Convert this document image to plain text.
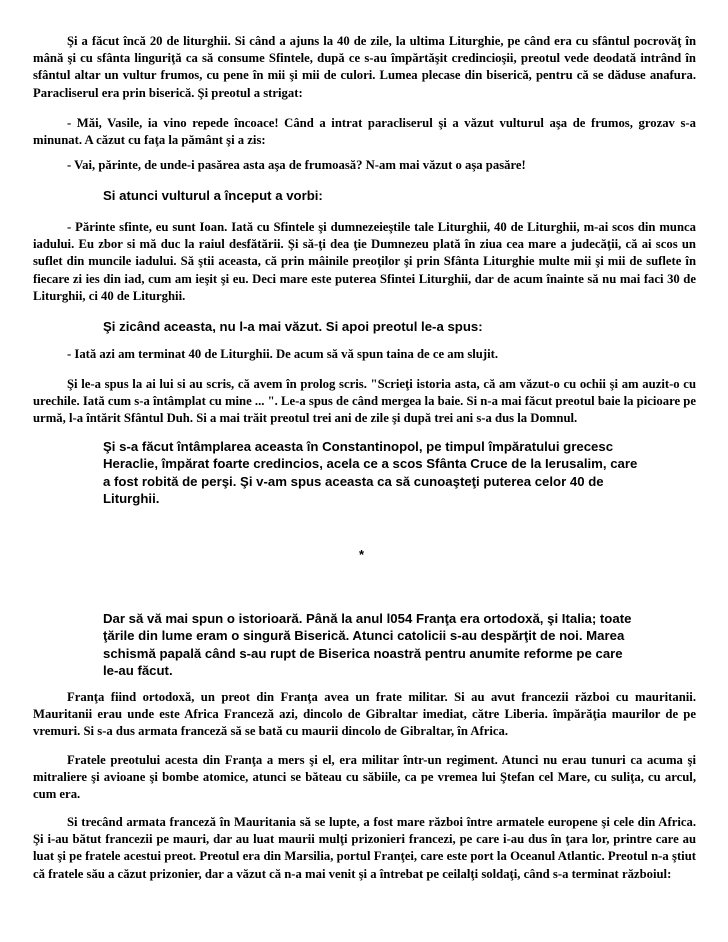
Şi a făcut încă 20 de liturghii. Si când a ajuns la 40 de zile, la ultima Liturghie, pe când era cu sfântul pocrovăţ în mână şi cu sfânta linguriţă ca să consume Sfintele, după ce s-au împărtăşit credincioşii, preotul vede deodată intrând în sfântul altar un vultur frumos, cu pene în mii şi mii de culori. Lumea plecase din biserică, pentru că se dăduse anafura. Paracliserul era prin biserică. Şi preotul a strigat:

- Măi, Vasile, ia vino repede încoace! Când a intrat paracliserul şi a văzut vulturul aşa de frumos, grozav s-a minunat. A căzut cu faţa la pământ şi a zis:

- Vai, părinte, de unde-i pasărea asta aşa de frumoasă? N-am mai văzut o aşa pasăre!

Si atunci vulturul a început a vorbi:

- Părinte sfinte, eu sunt Ioan. Iată cu Sfintele şi dumnezeieştile tale Liturghii, 40 de Liturghii, m-ai scos din munca iadului. Eu zbor si mă duc la raiul desfătării. Şi să-ţi dea ţie Dumnezeu plată în ziua cea mare a judecăţii, că ai scos un suflet din muncile iadului. Să ştii aceasta, că prin mâinile preoţilor şi prin Sfânta Liturghie multe mii şi mii de suflete în fiecare zi ies din iad, cum am ieşit şi eu. Deci mare este puterea Sfintei Liturghii, dar de acum înainte să nu mai faci 30 de Liturghii, ci 40 de Liturghii.

Şi zicând aceasta, nu l-a mai văzut. Si apoi preotul le-a spus:

- Iată azi am terminat 40 de Liturghii. De acum să vă spun taina de ce am slujit.

Şi le-a spus la ai lui si au scris, că avem în prolog scris. "Scrieţi istoria asta, că am văzut-o cu ochii şi am auzit-o cu urechile. Iată cum s-a întâmplat cu mine ... ". Le-a spus de când mergea la baie. Si n-a mai făcut preotul baie la picioare pe urmă, l-a întărit Sfântul Duh. Si a mai trăit preotul trei ani de zile şi după trei ani s-a dus la Domnul.

Şi s-a făcut întâmplarea aceasta în Constantinopol, pe timpul împăratului grecesc Heraclie, împărat foarte credincios, acela ce a scos Sfânta Cruce de la Ierusalim, care a fost robită de perşi. Şi v-am spus aceasta ca să cunoaşteţi puterea celor 40 de Liturghii.

*

Dar să vă mai spun o istorioară. Până la anul l054 Franţa era ortodoxă, şi Italia; toate ţările din lume eram o singură Biserică. Atunci catolicii s-au despărţit de noi. Marea schismă papală când s-au rupt de Biserica noastră pentru anumite reforme pe care le-au făcut.

Franţa fiind ortodoxă, un preot din Franţa avea un frate militar. Si au avut francezii război cu mauritanii. Mauritanii erau unde este Africa Franceză azi, dincolo de Gibraltar imediat, către Liberia. împărăţia maurilor de pe vremuri. Si s-a dus armata franceză să se bată cu maurii dincolo de Gibraltar, în Africa.

Fratele preotului acesta din Franţa a mers şi el, era militar într-un regiment. Atunci nu erau tunuri ca acuma şi mitraliere şi avioane şi bombe atomice, atunci se băteau cu săbiile, ca pe vremea lui Ştefan cel Mare, cu suliţa, cu arcul, cum era.

Si trecând armata franceză în Mauritania să se lupte, a fost mare război între armatele europene şi cele din Africa. Şi i-au bătut francezii pe mauri, dar au luat maurii mulţi prizonieri francezi, pe care i-au dus în ţara lor, printre care au luat şi pe fratele acestui preot. Preotul era din Marsilia, portul Franţei, care este port la Oceanul Atlantic. Preotul n-a ştiut că fratele său a căzut prizonier, dar a văzut că n-a mai venit şi a întrebat pe ceilalţi soldaţi, când s-a terminat războiul:
